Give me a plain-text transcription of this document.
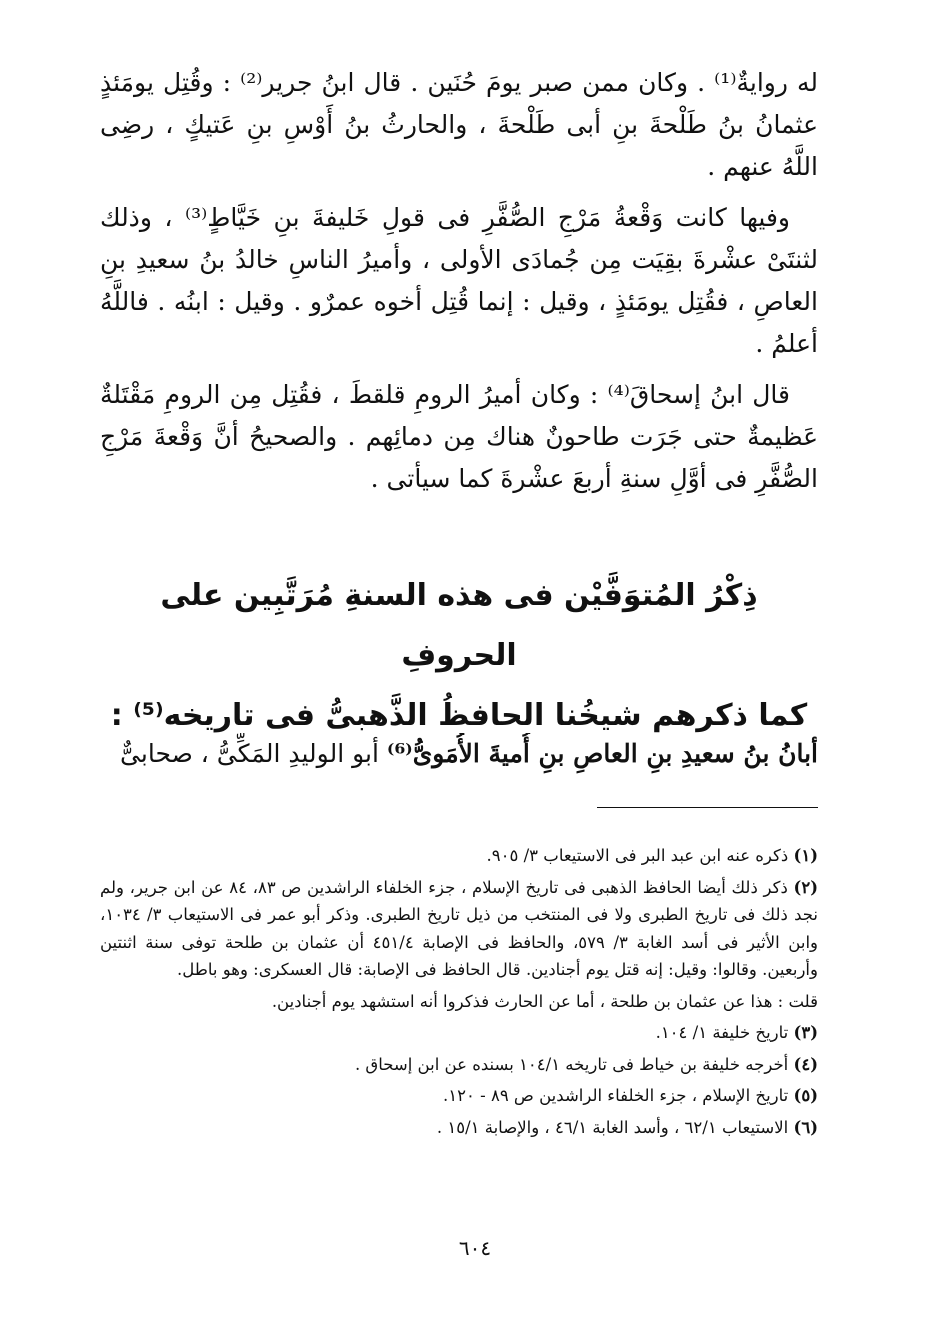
له روايةٌ⁽¹⁾ . وكان ممن صبر يومَ حُنَين . قال ابنُ جرير⁽²⁾ : وقُتِل يومَئذٍ عثمانُ بنُ طَلْحةَ بنِ أبى طَلْحةَ ، والحارثُ بنُ أَوْسِ بنِ عَتيكٍ ، رضِى اللَّهُ عنهم .

وفيها كانت وَقْعةُ مَرْجِ الصُّفَّرِ فى قولِ خَليفةَ بنِ خَيَّاطٍ⁽³⁾ ، وذلك لثنتَىْ عشْرةَ بقِيَت مِن جُمادَى الأولى ، وأميرُ الناسِ خالدُ بنُ سعيدِ بنِ العاصِ ، فقُتِل يومَئذٍ ، وقيل : إنما قُتِل أخوه عمرٌو . وقيل : ابنُه . فاللَّهُ أعلمُ .

قال ابنُ إسحاقَ⁽⁴⁾ : وكان أميرُ الرومِ قلقطَ ، فقُتِل مِن الرومِ مَقْتَلةٌ عَظيمةٌ حتى جَرَت طاحونٌ هناك مِن دمائِهم . والصحيحُ أنَّ وَقْعةَ مَرْجِ الصُّفَّرِ فى أوَّلِ سنةِ أربعَ عشْرةَ كما سيأتى .

ذِكْرُ المُتوَفَّيْن فى هذه السنةِ مُرَتَّبِين على الحروفِ
كما ذكرهم شيخُنا الحافظُ الذَّهبىُّ فى تاريخه⁽⁵⁾ :
أبانُ بنُ سعيدِ بنِ العاصِ بنِ أُميةَ الأُمَوىُّ⁽⁶⁾ أبو الوليدِ المَكِّىُّ ، صحابىٌّ

(١) ذكره عنه ابن عبد البر فى الاستيعاب ٣/ ٩٠٥.

(٢) ذكر ذلك أيضا الحافظ الذهبى فى تاريخ الإسلام ، جزء الخلفاء الراشدين ص ٨٣، ٨٤ عن ابن جرير، ولم نجد ذلك فى تاريخ الطبرى ولا فى المنتخب من ذيل تاريخ الطبرى. وذكر أبو عمر فى الاستيعاب ٣/ ١٠٣٤، وابن الأثير فى أسد الغابة ٣/ ٥٧٩، والحافظ فى الإصابة ٤٥١/٤ أن عثمان بن طلحة توفى سنة اثنتين وأربعين. وقالوا: وقيل: إنه قتل يوم أجنادين. قال الحافظ فى الإصابة: قال العسكرى: وهو باطل.

قلت : هذا عن عثمان بن طلحة ، أما عن الحارث فذكروا أنه استشهد يوم أجنادين.

(٣) تاريخ خليفة ١/ ١٠٤.

(٤) أخرجه خليفة بن خياط فى تاريخه ١٠٤/١ بسنده عن ابن إسحاق .

(٥) تاريخ الإسلام ، جزء الخلفاء الراشدين ص ٨٩ - ١٢٠.

(٦) الاستيعاب ٦٢/١ ، وأسد الغابة ٤٦/١ ، والإصابة ١٥/١ .

٦٠٤
